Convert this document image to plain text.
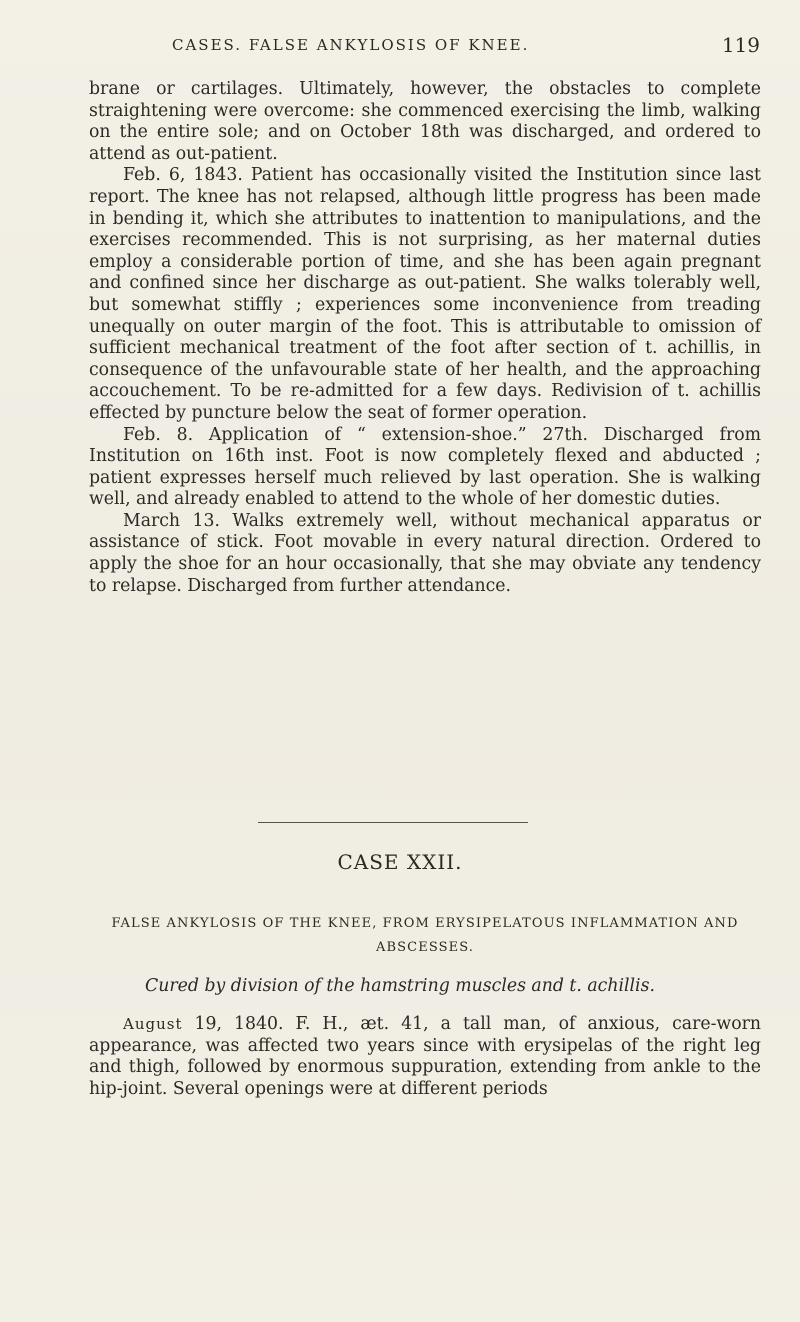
CASES. FALSE ANKYLOSIS OF KNEE.	119

brane or cartilages. Ultimately, however, the obstacles to complete straightening were overcome: she commenced exercising the limb, walking on the entire sole; and on October 18th was discharged, and ordered to attend as out-patient.

Feb. 6, 1843. Patient has occasionally visited the Institution since last report. The knee has not relapsed, although little progress has been made in bending it, which she attributes to inattention to manipulations, and the exercises recommended. This is not surprising, as her maternal duties employ a considerable portion of time, and she has been again pregnant and confined since her discharge as out-patient. She walks tolerably well, but somewhat stiffly ; experiences some inconvenience from treading unequally on outer margin of the foot. This is attributable to omission of sufficient mechanical treatment of the foot after section of t. achillis, in consequence of the unfavourable state of her health, and the approaching accouchement. To be re-admitted for a few days. Redivision of t. achillis effected by puncture below the seat of former operation.

Feb. 8. Application of “ extension-shoe.” 27th. Discharged from Institution on 16th inst. Foot is now completely flexed and abducted ; patient expresses herself much relieved by last operation. She is walking well, and already enabled to attend to the whole of her domestic duties.

March 13. Walks extremely well, without mechanical apparatus or assistance of stick. Foot movable in every natural direction. Ordered to apply the shoe for an hour occasionally, that she may obviate any tendency to relapse. Discharged from further attendance.

CASE XXII.
FALSE ANKYLOSIS OF THE KNEE, FROM ERYSIPELATOUS INFLAMMATION AND ABSCESSES.
Cured by division of the hamstring muscles and t. achillis.

August 19, 1840. F. H., æt. 41, a tall man, of anxious, care-worn appearance, was affected two years since with erysipelas of the right leg and thigh, followed by enormous suppuration, extending from ankle to the hip-joint. Several openings were at different periods
